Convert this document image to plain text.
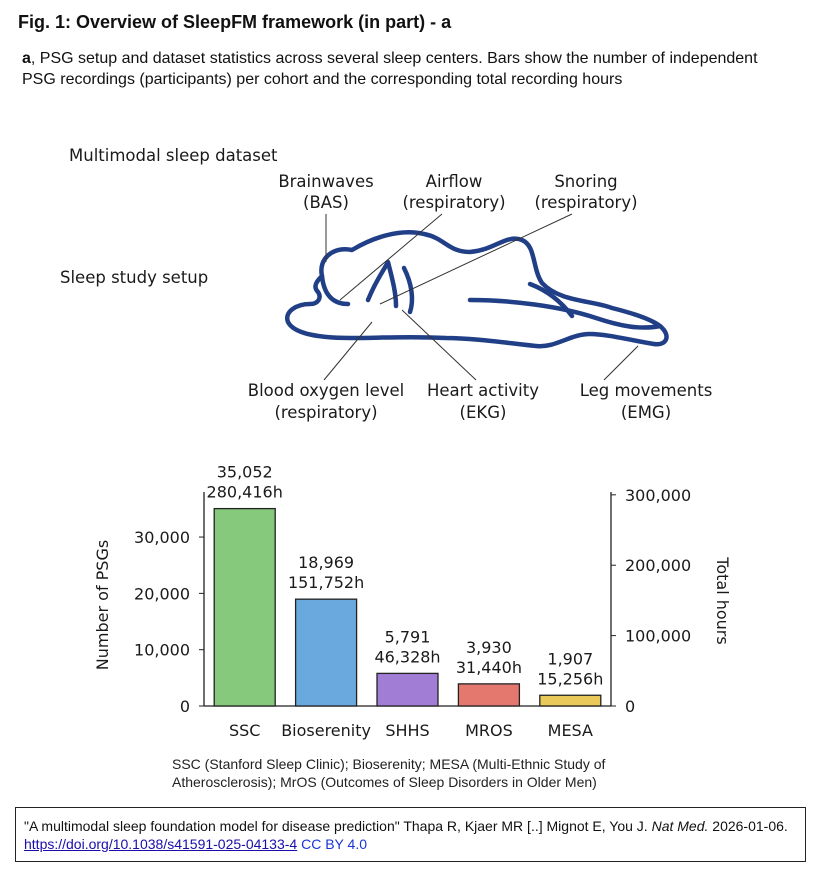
Fig. 1: Overview of SleepFM framework (in part) - a
a, PSG setup and dataset statistics across several sleep centers. Bars show the number of independent PSG recordings (participants) per cohort and the corresponding total recording hours
Multimodal sleep dataset
Sleep study setup
Brainwaves
(BAS)
Airflow
(respiratory)
Snoring
(respiratory)
Blood oxygen level
(respiratory)
Heart activity
(EKG)
Leg movements
(EMG)
Number of PSGs	Total hours
0
10,000
20,000
30,000
0
100,000
200,000
300,000
35,052
280,416h
SSC
18,969
151,752h
Bioserenity
5,791
46,328h
SHHS
3,930
31,440h
MROS
1,907
15,256h
MESA
SSC (Stanford Sleep Clinic); Bioserenity; MESA (Multi-Ethnic Study of Atherosclerosis); MrOS (Outcomes of Sleep Disorders in Older Men)
"A multimodal sleep foundation model for disease prediction" Thapa R, Kjaer MR [..] Mignot E, You J. Nat Med. 2026-01-06. https://doi.org/10.1038/s41591-025-04133-4 CC BY 4.0
